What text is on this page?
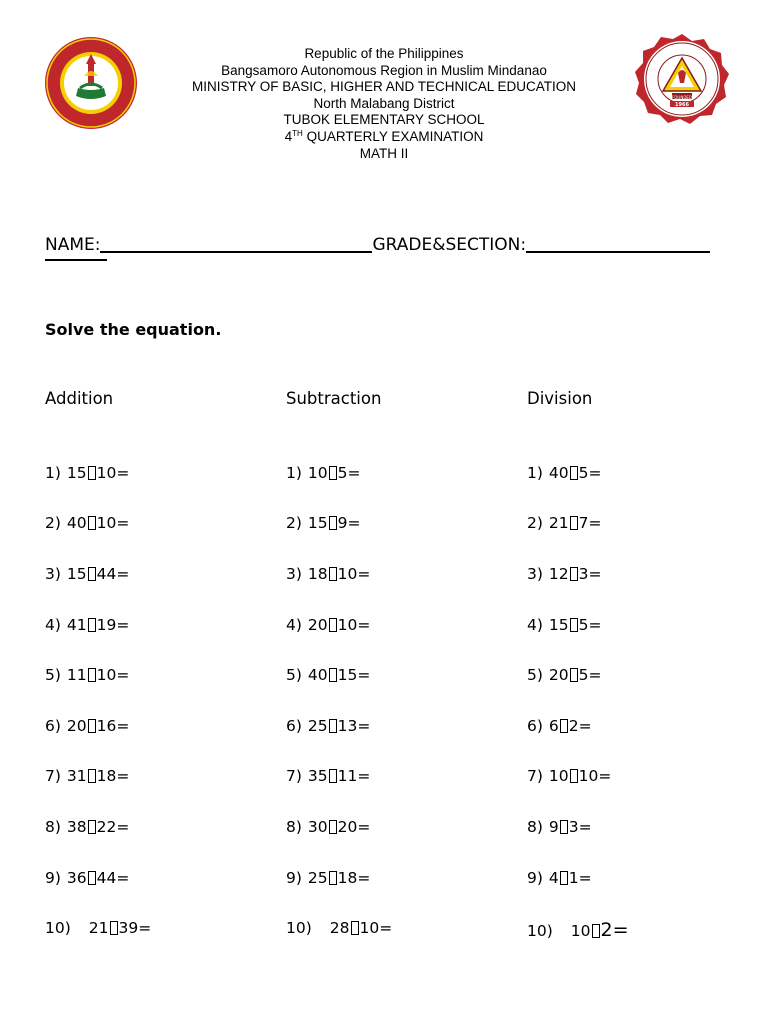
1966
FOUNDED
Republic of the Philippines
Bangsamoro Autonomous Region in Muslim Mindanao
MINISTRY OF BASIC, HIGHER AND TECHNICAL EDUCATION
North Malabang District
TUBOK ELEMENTARY SCHOOL
4TH QUARTERLY EXAMINATION
MATH II
NAME:	GRADE&SECTION:
Solve the equation.
Addition
1) 15 10=
2) 40 10=
3) 15 44=
4) 41 19=
5) 11 10=
6) 20 16=
7) 31 18=
8) 38 22=
9) 36 44=
10) 21 39=
Subtraction
1) 10 5=
2) 15 9=
3) 18 10=
4) 20 10=
5) 40 15=
6) 25 13=
7) 35 11=
8) 30 20=
9) 25 18=
10) 28 10=
Division
1) 40 5=
2) 21 7=
3) 12 3=
4) 15 5=
5) 20 5=
6) 6 2=
7) 10 10=
8) 9 3=
9) 4 1=
10) 10 2=
